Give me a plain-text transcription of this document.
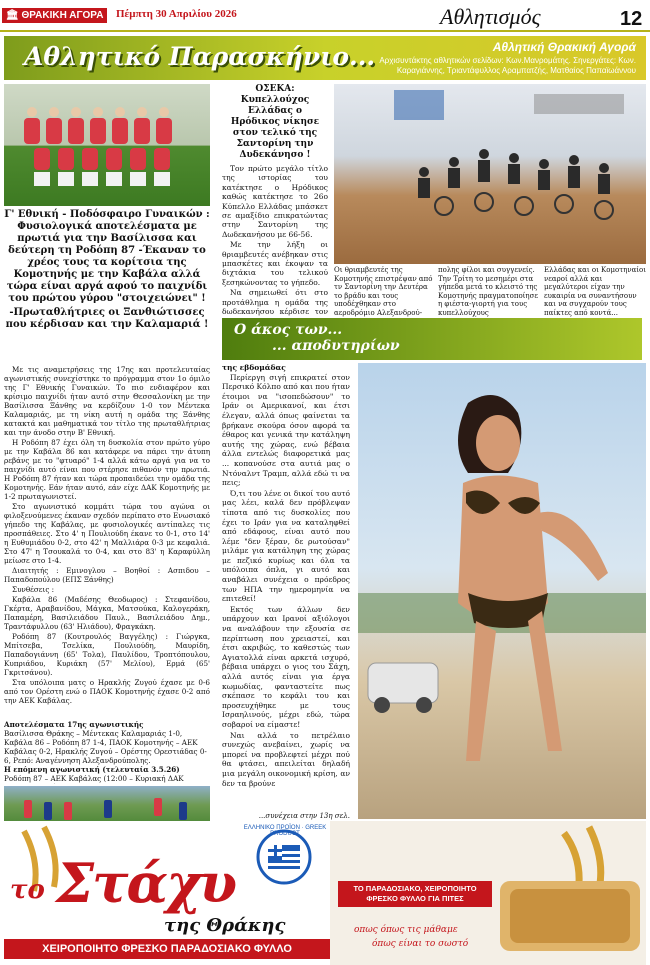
🏛 ΘΡΑΚΙΚΗ ΑΓΟΡΑ	Πέμπτη 30 Απριλίου 2026	Αθλητισμός	12
Αθλητικό Παρασκήνιο...	Αθλητική Θρακική Αγορά
Αρχισυντάκτης αθλητικών σελίδων: Κων.Μανρομάτης. Σηνεργάτες: Κων. Καραγιάννης, Τριαντάφυλλος Αραμπατζής, Ματθαίος Παπαϊωάννου
Γ' Εθνική - Ποδόσφαιρο Γυναικών : Φυσιολογικά αποτελέσματα με πρωτιά για την Βασίλισσα και δεύτερη τη Ροδόπη 87 -Έκαναν το χρέος τους τα κορίτσια της Κομοτηνής με την Καβάλα αλλά τώρα είναι αργά αφού το παιχνίδι του πρώτου γύρου "στοιχειώνει" !
-Πρωταθλήτριες οι Ξανθιώτισσες που κέρδισαν και την Καλαμαριά !

Με τις αναμετρήσεις της 17ης και προτελευταίας αγωνιστικής συνεχίστηκε το πρόγραμμα στον 1ο όμιλο της Γ' Εθνικής Γυναικών. Το πιο ενδιαφέρον και κρίσιμο παιχνίδι ήταν αυτό στην Θεσσαλονίκη με την Βασίλισσα Ξάνθης να κερδίζουν 1-0 τον Μέντεκα Καλαμαριάς, με τη νίκη αυτή η ομάδα της Ξάνθης κατακτά και μαθηματικά τον τίτλο της πρωταθλήτριας και την άνοδο στην Β' Εθνική.

Η Ροδόπη 87 έχει όλη τη δυσκολία στον πρώτο γύρο με την Καβάλα 86 και κατάφερε να πάρει την άτυπη ρεβάνς με το "φτυαρό" 1-4 αλλά κάτω αργά για να το παιχνίδι αυτό είναι που στέρησε πιθανόν την πρωτιά. Η Ροδόπη 87 ήταν και τώρα προπαιδεύει την ομάδα της Κομοτηνής. Εάν ήταν αυτό, εάν είχε ΔΑΚ Κομοτηνής με 1-2 πρωταγωνιστεί.

Στο αγωνιστικό κομμάτι τώρα του αγώνα οι φιλοξενούμενες έκαναν σχεδόν περίπατο στο Ενωσιακό γήπεδο της Καβάλας, με φυσιολογικές αντίπαλες τις προσπάθειες. Στο 4' η Πουλιούδη έκανε το 0-1, στο 14' η Ευθυμιάδου 0-2, στο 42' η Μαλλιάρα 0-3 με κεφαλιά. Στο 47' η Τσουκαλά το 0-4, και στο 83' η Καραφύλλη μείωσε στο 1-4.

Διαιτητής : Εμινογλου – Βοηθοί : Ασπιδου – Παπαδοπούλου (ΕΠΣ Ξάνθης)

Συνθέσεις :

Καβάλα 86 (Μαδέσης Θεοδωρος) : Στεφανίδου, Γκέρτα, Αραβανίδου, Μάγκα, Ματσούκα, Καλογεράκη, Παπαμέρη, Βασιλειάδου Παυλ., Βασιλειάδου Δημ., Τραντάφυλλου (63' Ηλιάδου), Φραγκάκη.

Ροδόπη 87 (Κουτρουλός Βαγγέλης) : Γιώργκα, Μπίτσεβα, Τσελίκα, Πουλιούδη, Μαυρίδη, Παπαδογιάννη (65' Τολα), Παυλίδου, Τροπτόπουλου, Κυπριάδου, Κυριάκη (57' Μελίου), Ερμά (65' Γκριτσάνου).

Στα υπόλοιπα ματς ο Ηρακλής Ζυγού έχασε με 0-6 από τον Ορέστη ενώ ο ΠΑΟΚ Κομοτηνής έχασε 0-2 από την ΑΕΚ Καβάλας.

Αποτελέσματα 17ης αγωνιστικής
Βασίλισσα Θράκης – Μέντεκας Καλαμαριάς 1-0, Καβάλα 86 – Ροδόπη 87 1-4, ΠΑΟΚ Κομοτηνής – ΑΕΚ Καβάλας 0-2, Ηρακλής Ζυγού – Ορέστης Ορεστιάδας 0-6, Ρεπό: Αναγέννηση Αλεξανδρούπολης.
Η επόμενη αγωνιστική (τελευταία 3.5.26)
Ροδόπη 87 – ΑΕΚ Καβάλας (12:00 – Κυριακή ΔΑΚ
ΟΣΕΚΑ: Κυπελλούχος Ελλάδας ο Ηρόδικος νίκησε στον τελικό της Σαντορίνη την Δυδεκάνησο !

Τον πρώτο μεγάλο τίτλο της ιστορίας του κατέκτησε ο Ηρόδικος καθώς κατέκτησε το 26ο Κύπελλο Ελλάδας μπάσκετ σε αμαξίδιο επικρατώντας στην Σαντορίνη της Δωδεκανήσου με 66-56.

Με την λήξη οι θριαμβευτές ανέβηκαν στις μπασκέτες και έκοψαν τα διχτάκια του τελικού ξεσηκώνοντας το γήπεδο.

Να σημειωθεί ότι στο προτάθλημα η ομάδα της δωδεκανήσου κέρδισε τον

Οι θριαμβευτές της Κομοτηνής επιστρέψαν από τν Σαντορίνη την Δευτέρα το βράδυ και τους υποδέχθηκαν στο αεροδρόμιο Αλεξανδρού-
πολης φίλοι και συγγενείς. Την Τρίτη το μεσημέρι στα γήπεδα μετά το κλειστό της Κομοτηνής πραγματοποίησε η φιέστα-γιορτή για τους κυπελλούχους
Ελλάδας και οι Κομοτηναίοι νεαροί αλλά και μεγαλύτεροι είχαν την ευκαιρία να συναντήσουν και να συγχαρούν τους παίκτες από κοντά...
Ο άκος των...
... αποδυτηρίων
της εβδομάδας

Περίεργη σιγή επικρατεί στον Περσικό Κόλπο από και που ήταν έτοιμοι να "ισοπεδώσουν" το Ιράν οι Αμερικανοί, και έτσι έλεγαν, αλλά όπως φαίνεται τα βρήκανε σκούρα όσον αφορά τα έθαρος και γενικά την κατάληψη αυτής της χώρας, ενώ βέβαια άλλα εντελώς διαφορετικά μας ... κοπανούσε στα αυτιά μας ο Ντόναλντ Τραμπ, αλλά εδώ τι να πεις;

Ό,τι του λένε οι δικοί του αυτό μας λέει, καλά δεν πρόβλεψαν τίποτα από τις δυσκολίες που έχει το Ιράν για να καταληφθεί από εδάφους, είναι αυτό που λέμε "δεν ξέραν, δε ρωτούσαν" μιλάμε για κατάληψη της χώρας με πεζικό κυρίως και όλα τα υπόλοιπα όπλα, γι αυτό και αναβάλει συνέχεια ο πρόεδρος των ΗΠΑ την ημερομηνία να επιτεθεί!

Εκτός των άλλων δεν υπάρχουν και Ιρανοί αξιόλογοι να αναλάβουν την εξουσία σε περίπτωση που χρειαστεί, και έτσι ακριβώς, το καθεστώς των Αγιατολλά είναι αρκετά ισχυρό, βέβαια υπάρχει ο γιος του Σάχη, αλλά αυτός είναι για έργα κωμωδίας, φανταστείτε πως σκέπασε το κεφάλι του και προσευχήθηκε με τους Ισραηλινούς, μέχρι εδώ, τώρα σοβαροί να είμαστε!

Ναι αλλά το πετρέλαιο συνεχώς ανεβαίνει, χωρίς να μπορεί να προβλεφτεί μέχρι πού θα φτάσει, απειλείται δηλαδή μια μεγάλη οικονομική κρίση, αν δεν τα βρούνε

...συνέχεια στην 13η σελ.
το Στάχυ
της Θράκης
ΕΛΛΗΝΙΚΟ ΠΡΟΪΟΝ · GREEK PRODUCT
ΧΕΙΡΟΠΟΙΗΤΟ ΦΡΕΣΚΟ ΠΑΡΑΔΟΣΙΑΚΟ ΦΥΛΛΟ
ΤΟ ΠΑΡΑΔΟΣΙΑΚΟ, ΧΕΙΡΟΠΟΙΗΤΟ ΦΡΕΣΚΟ ΦΥΛΛΟ ΓΙΑ ΠΙΤΕΣ
οπως όπως τις μάθαμε
όπως είναι το σωστό
